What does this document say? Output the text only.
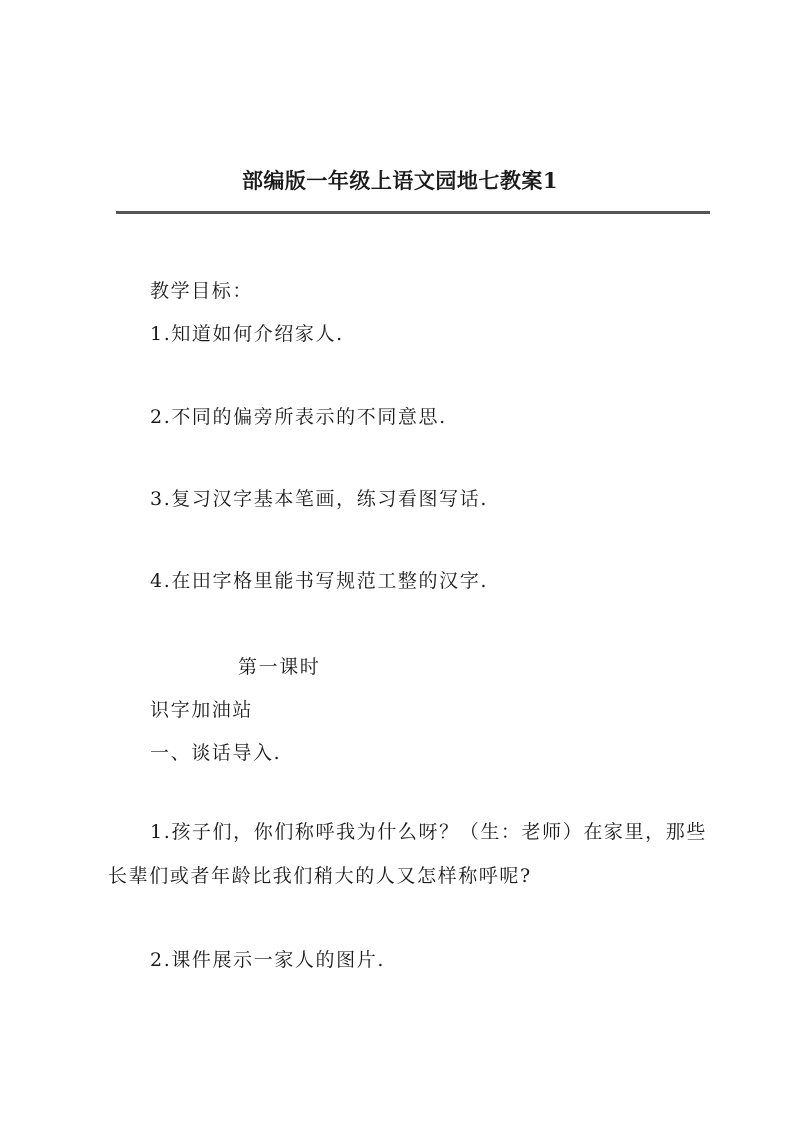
部编版一年级上语文园地七教案1
教学目标：
1.知道如何介绍家人.
2.不同的偏旁所表示的不同意思.
3.复习汉字基本笔画，练习看图写话.
4.在田字格里能书写规范工整的汉字.
第一课时
识字加油站
一、谈话导入.
1.孩子们，你们称呼我为什么呀？（生：老师）在家里，那些长辈们或者年龄比我们稍大的人又怎样称呼呢?
2.课件展示一家人的图片.
